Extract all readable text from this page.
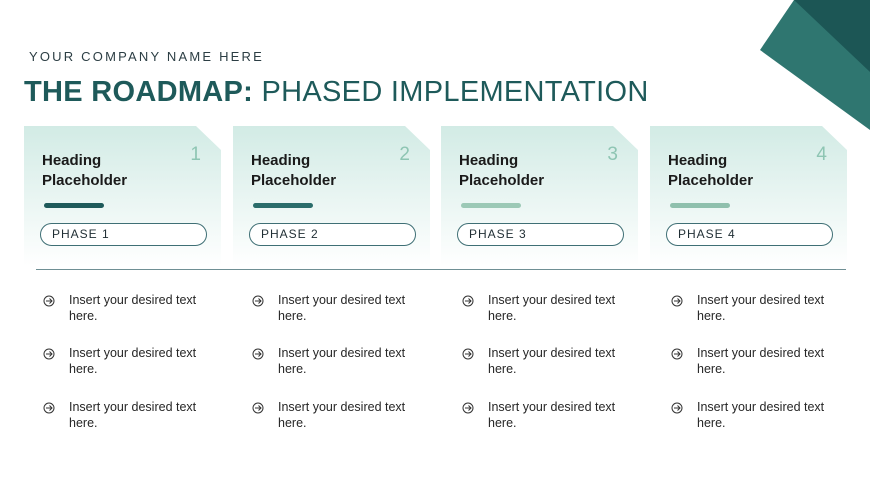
YOUR COMPANY NAME HERE
THE ROADMAP: PHASED IMPLEMENTATION
1
Heading
Placeholder
PHASE 1
2
Heading
Placeholder
PHASE 2
3
Heading
Placeholder
PHASE 3
4
Heading
Placeholder
PHASE 4
Insert your desired text here.
Insert your desired text here.
Insert your desired text here.
Insert your desired text here.
Insert your desired text here.
Insert your desired text here.
Insert your desired text here.
Insert your desired text here.
Insert your desired text here.
Insert your desired text here.
Insert your desired text here.
Insert your desired text here.
